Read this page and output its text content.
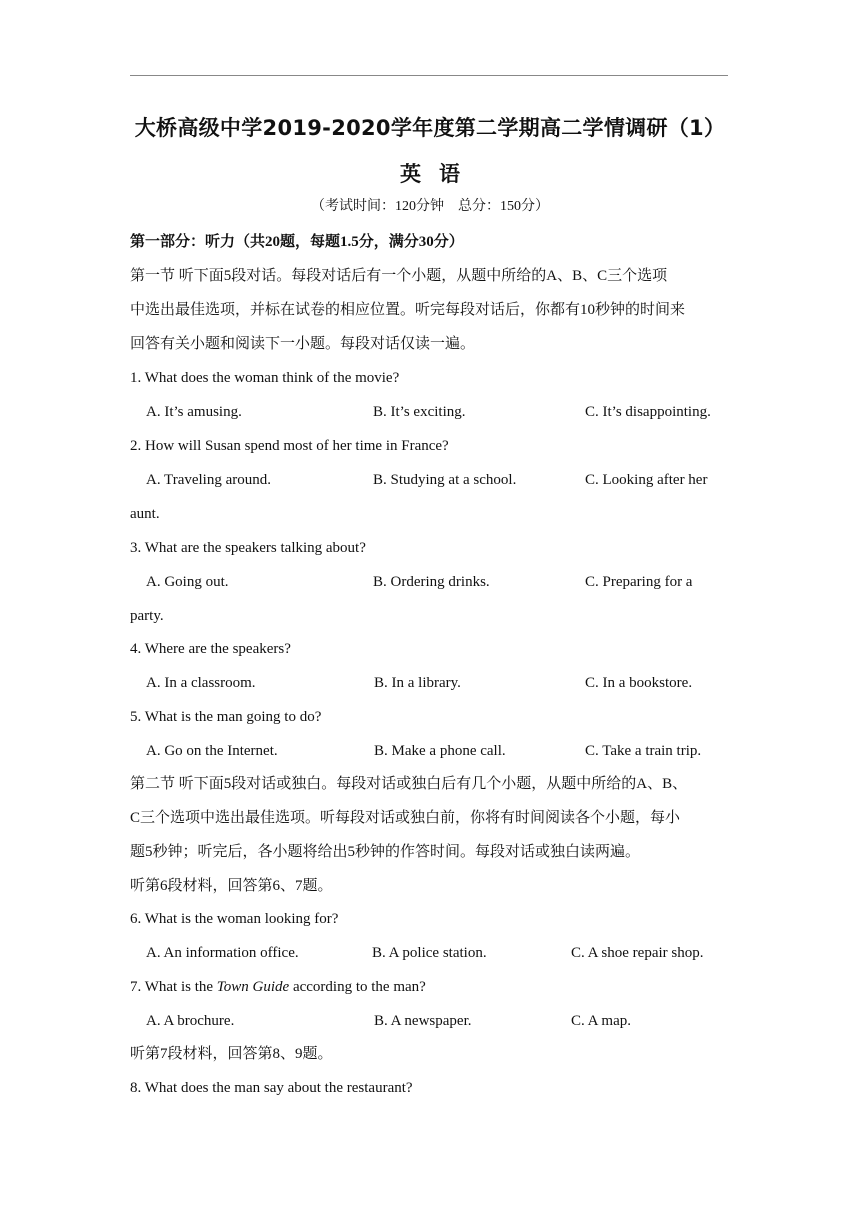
大桥高级中学2019-2020学年度第二学期高二学情调研（1）
英语
（考试时间：120分钟　总分：150分）
第一部分：听力（共20题，每题1.5分，满分30分）
第一节 听下面5段对话。每段对话后有一个小题，从题中所给的A、B、C三个选项
中选出最佳选项，并标在试卷的相应位置。听完每段对话后，你都有10秒钟的时间来
回答有关小题和阅读下一小题。每段对话仅读一遍。
1. What does the woman think of the movie?
A. It’s amusing.	B. It’s exciting.	C. It’s disappointing.
2. How will Susan spend most of her time in France?
A. Traveling around.	B. Studying at a school.	C. Looking after her
aunt.
3. What are the speakers talking about?
A. Going out.	B. Ordering drinks.	C. Preparing for a
party.
4. Where are the speakers?
A. In a classroom.	B. In a library.	C. In a bookstore.
5. What is the man going to do?
A. Go on the Internet.	B. Make a phone call.	C. Take a train trip.
第二节 听下面5段对话或独白。每段对话或独白后有几个小题，从题中所给的A、B、
C三个选项中选出最佳选项。听每段对话或独白前，你将有时间阅读各个小题，每小
题5秒钟；听完后，各小题将给出5秒钟的作答时间。每段对话或独白读两遍。
听第6段材料，回答第6、7题。
6. What is the woman looking for?
A. An information office.	B. A police station.	C. A shoe repair shop.
7. What is the Town Guide according to the man?
A. A brochure.	B. A newspaper.	C. A map.
听第7段材料，回答第8、9题。
8. What does the man say about the restaurant?
